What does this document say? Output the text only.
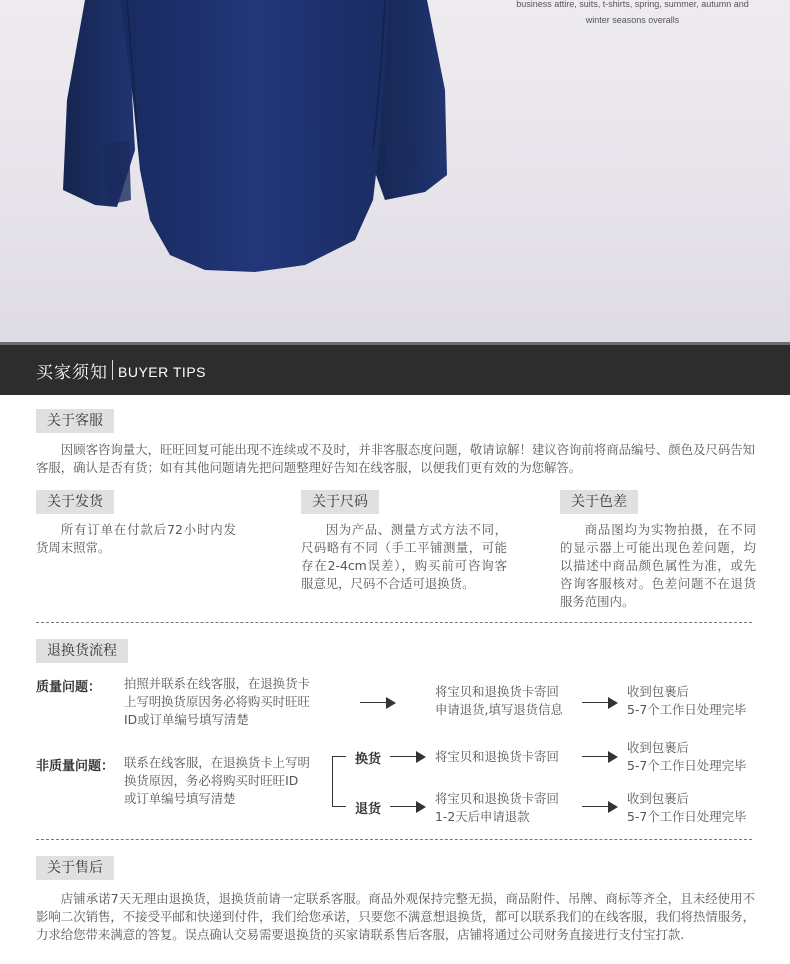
business attire, suits, t-shirts, spring, summer, autumn and
winter seasons overalls
买家须知 BUYER TIPS
关于客服
因顾客咨询量大，旺旺回复可能出现不连续或不及时，并非客服态度问题，敬请谅解！建议咨询前将商品编号、颜色及尺码告知客服，确认是否有货；如有其他问题请先把问题整理好告知在线客服，以便我们更有效的为您解答。
关于发货
所有订单在付款后72小时内发货周末照常。
关于尺码
因为产品、测量方式方法不同，尺码略有不同（手工平铺测量，可能存在2-4cm误差），购买前可咨询客服意见，尺码不合适可退换货。
关于色差
商品图均为实物拍摄，在不同的显示器上可能出现色差问题，均以描述中商品颜色属性为准，或先咨询客服核对。色差问题不在退货服务范围内。
退换货流程
质量问题： 拍照并联系在线客服，在退换货卡上写明换货原因务必将购买时旺旺ID或订单编号填写清楚
将宝贝和退换货卡寄回
申请退货,填写退货信息
收到包裹后
5-7个工作日处理完毕
非质量问题： 联系在线客服，在退换货卡上写明换货原因，务必将购买时旺旺ID或订单编号填写清楚
换货	将宝贝和退换货卡寄回
收到包裹后
5-7个工作日处理完毕
退货
将宝贝和退换货卡寄回
1-2天后申请退款
收到包裹后
5-7个工作日处理完毕
关于售后
店铺承诺7天无理由退换货，退换货前请一定联系客服。商品外观保持完整无损，商品附件、吊牌、商标等齐全，且未经使用不影响二次销售，不接受平邮和快递到付件，我们给您承诺，只要您不满意想退换货，都可以联系我们的在线客服，我们将热情服务，力求给您带来满意的答复。误点确认交易需要退换货的买家请联系售后客服，店铺将通过公司财务直接进行支付宝打款.
